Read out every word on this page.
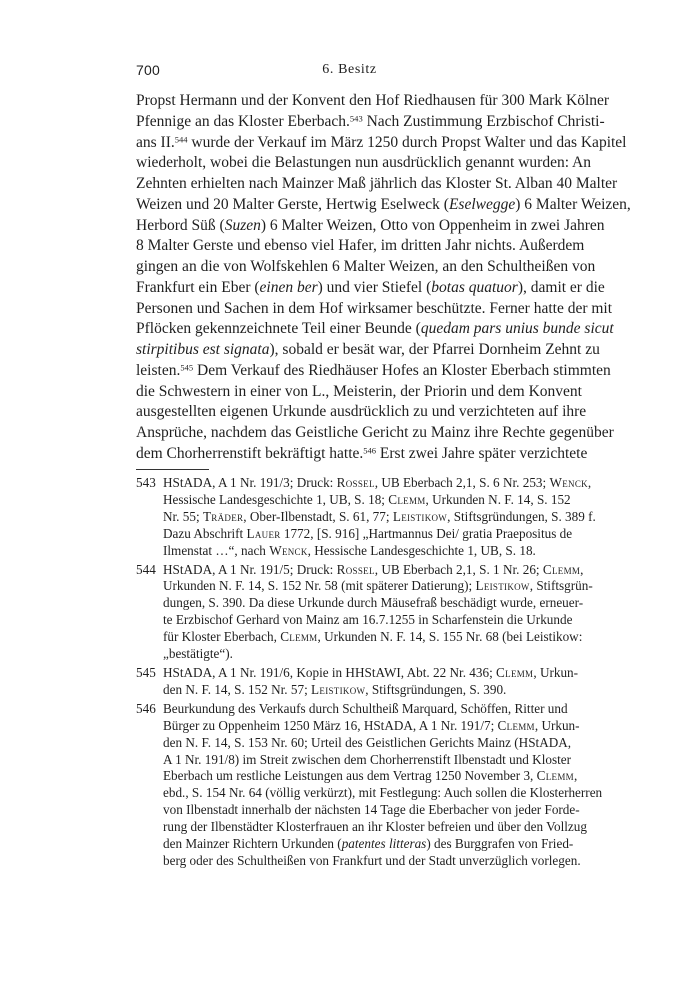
700	6. Besitz

Propst Hermann und der Konvent den Hof Riedhausen für 300 Mark Kölner
Pfennige an das Kloster Eberbach.$^{543}$ Nach Zustimmung Erzbischof Christi-
ans II.$^{544}$ wurde der Verkauf im März 1250 durch Propst Walter und das Kapitel
wiederholt, wobei die Belastungen nun ausdrücklich genannt wurden: An
Zehnten erhielten nach Mainzer Maß jährlich das Kloster St. Alban 40 Malter
Weizen und 20 Malter Gerste, Hertwig Eselweck (Eselwegge) 6 Malter Weizen,
Herbord Süß (Suzen) 6 Malter Weizen, Otto von Oppenheim in zwei Jahren
8 Malter Gerste und ebenso viel Hafer, im dritten Jahr nichts. Außerdem
gingen an die von Wolfskehlen 6 Malter Weizen, an den Schultheißen von
Frankfurt ein Eber (einen ber) und vier Stiefel (botas quatuor), damit er die
Personen und Sachen in dem Hof wirksamer beschützte. Ferner hatte der mit
Pflöcken gekennzeichnete Teil einer Beunde (quedam pars unius bunde sicut
stirpitibus est signata), sobald er besät war, der Pfarrei Dornheim Zehnt zu
leisten.$^{545}$ Dem Verkauf des Riedhäuser Hofes an Kloster Eberbach stimmten
die Schwestern in einer von L., Meisterin, der Priorin und dem Konvent
ausgestellten eigenen Urkunde ausdrücklich zu und verzichteten auf ihre
Ansprüche, nachdem das Geistliche Gericht zu Mainz ihre Rechte gegenüber
dem Chorherrenstift bekräftigt hatte.$^{546}$ Erst zwei Jahre später verzichtete

543 HStADA, A 1 Nr. 191/3; Druck: Rossel, UB Eberbach 2,1, S. 6 Nr. 253; Wenck,
Hessische Landesgeschichte 1, UB, S. 18; Clemm, Urkunden N. F. 14, S. 152
Nr. 55; Träder, Ober-Ilbenstadt, S. 61, 77; Leistikow, Stiftsgründungen, S. 389 f.
Dazu Abschrift Lauer 1772, [S. 916] „Hartmannus Dei/ gratia Praepositus de
Ilmenstat …“, nach Wenck, Hessische Landesgeschichte 1, UB, S. 18.
544 HStADA, A 1 Nr. 191/5; Druck: Rossel, UB Eberbach 2,1, S. 1 Nr. 26; Clemm,
Urkunden N. F. 14, S. 152 Nr. 58 (mit späterer Datierung); Leistikow, Stiftsgrün-
dungen, S. 390. Da diese Urkunde durch Mäusefraß beschädigt wurde, erneuer-
te Erzbischof Gerhard von Mainz am 16.7.1255 in Scharfenstein die Urkunde
für Kloster Eberbach, Clemm, Urkunden N. F. 14, S. 155 Nr. 68 (bei Leistikow:
„bestätigte“).
545 HStADA, A 1 Nr. 191/6, Kopie in HHStAWI, Abt. 22 Nr. 436; Clemm, Urkun-
den N. F. 14, S. 152 Nr. 57; Leistikow, Stiftsgründungen, S. 390.
546 Beurkundung des Verkaufs durch Schultheiß Marquard, Schöffen, Ritter und
Bürger zu Oppenheim 1250 März 16, HStADA, A 1 Nr. 191/7; Clemm, Urkun-
den N. F. 14, S. 153 Nr. 60; Urteil des Geistlichen Gerichts Mainz (HStADA,
A 1 Nr. 191/8) im Streit zwischen dem Chorherrenstift Ilbenstadt und Kloster
Eberbach um restliche Leistungen aus dem Vertrag 1250 November 3, Clemm,
ebd., S. 154 Nr. 64 (völlig verkürzt), mit Festlegung: Auch sollen die Klosterherren
von Ilbenstadt innerhalb der nächsten 14 Tage die Eberbacher von jeder Forde-
rung der Ilbenstädter Klosterfrauen an ihr Kloster befreien und über den Vollzug
den Mainzer Richtern Urkunden (patentes litteras) des Burggrafen von Fried-
berg oder des Schultheißen von Frankfurt und der Stadt unverzüglich vorlegen.
